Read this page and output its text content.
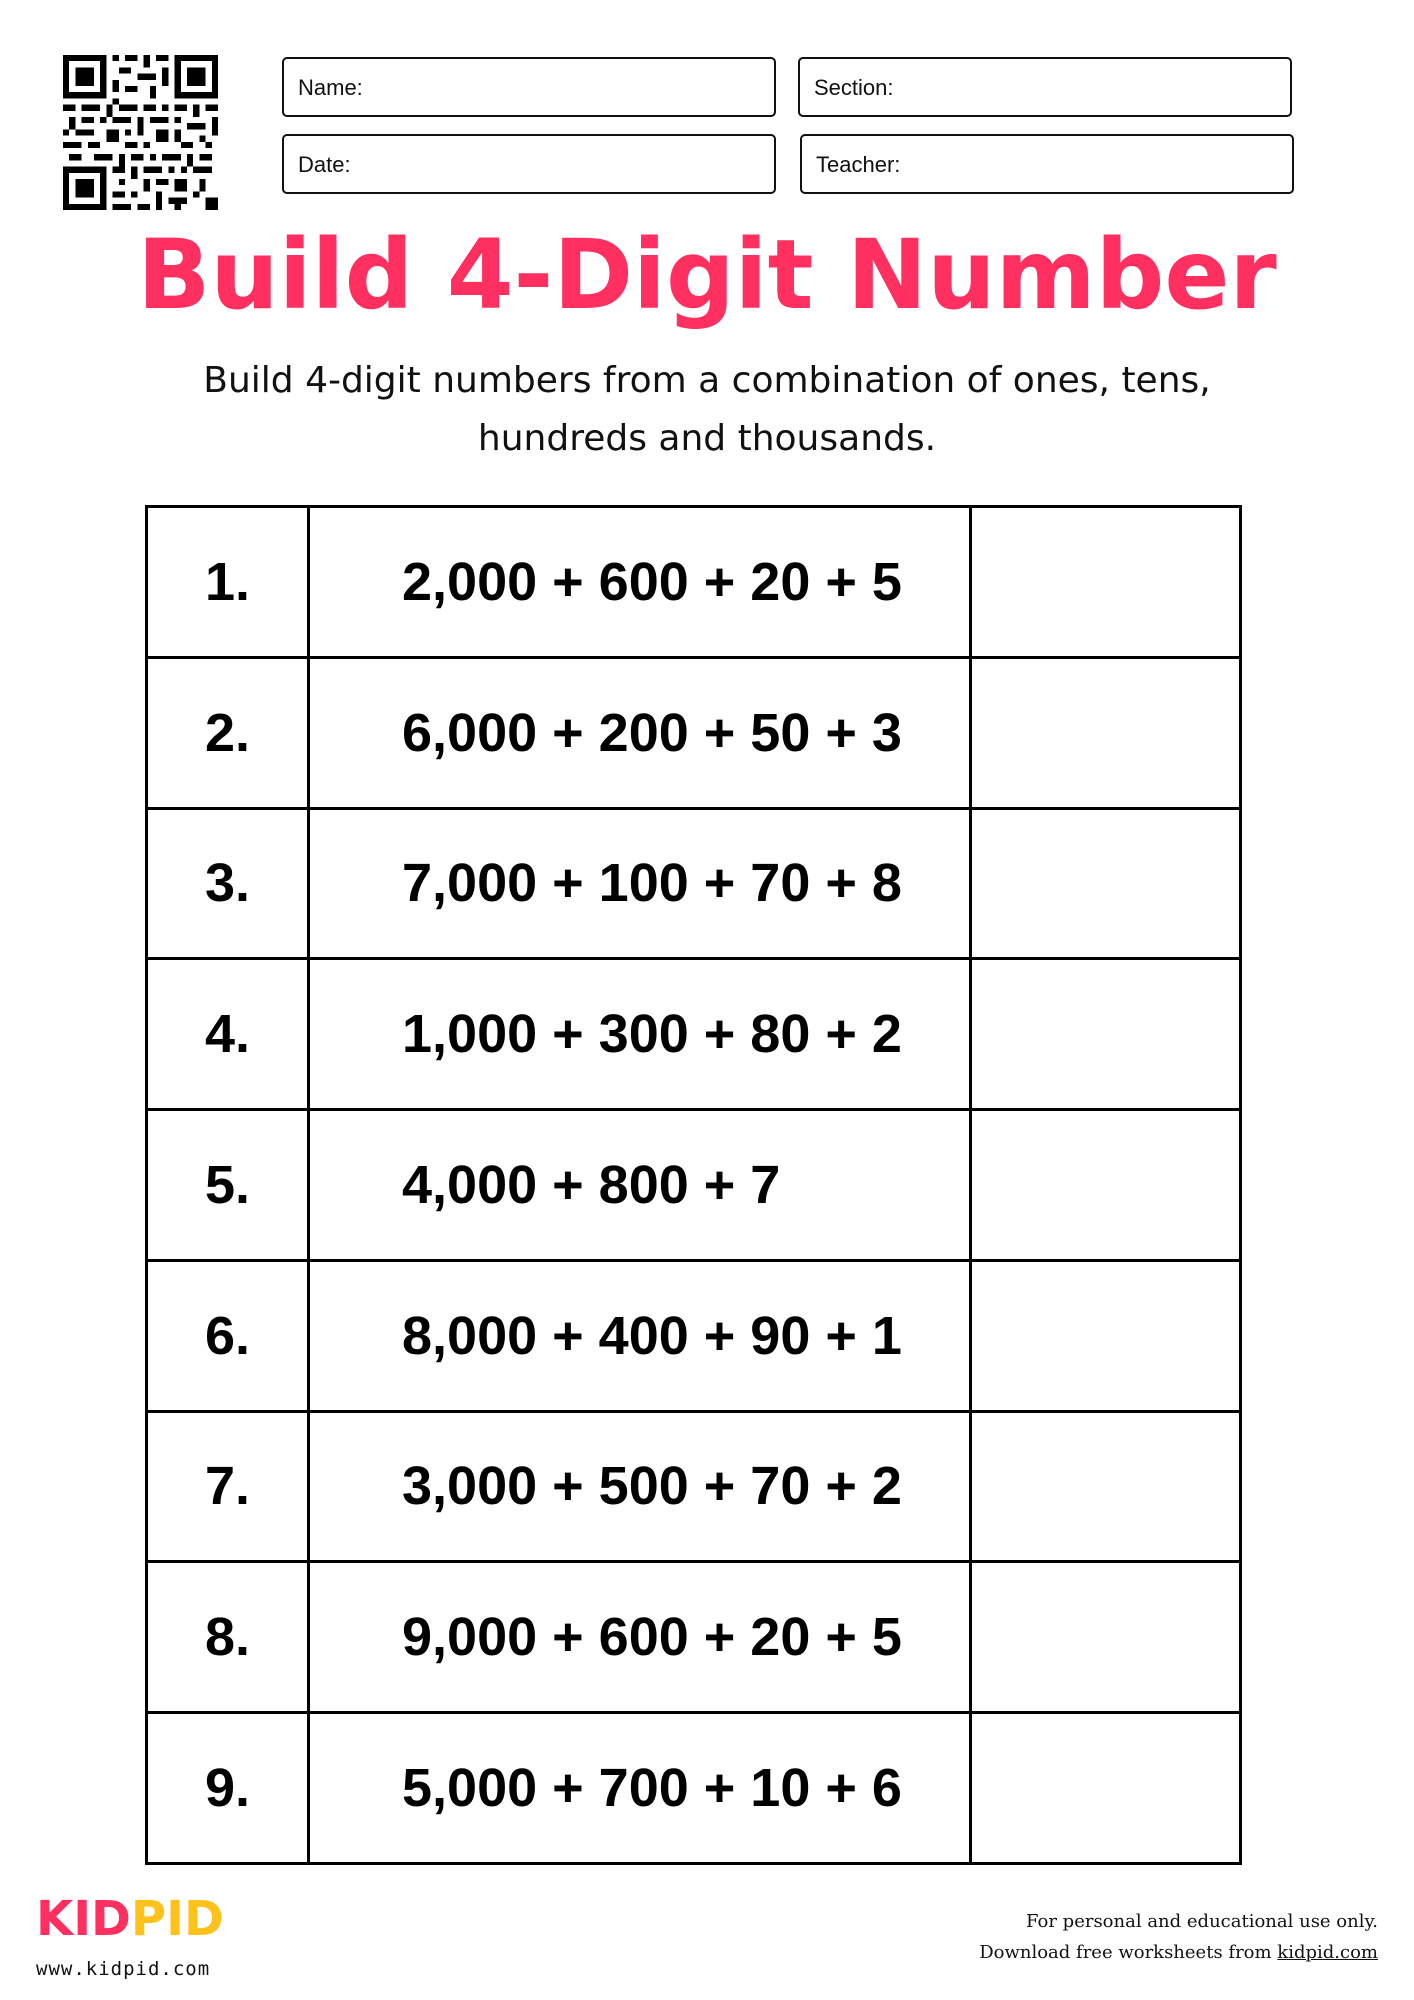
Name:	Section:
Date:	Teacher:
Build 4-Digit Number

Build 4-digit numbers from a combination of ones, tens,
hundreds and thousands.

1.	2,000 + 600 + 20 + 5	
2.	6,000 + 200 + 50 + 3	
3.	7,000 + 100 + 70 + 8	
4.	1,000 + 300 + 80 + 2	
5.	4,000 + 800 + 7	
6.	8,000 + 400 + 90 + 1	
7.	3,000 + 500 + 70 + 2	
8.	9,000 + 600 + 20 + 5	
9.	5,000 + 700 + 10 + 6	
KIDPID
www.kidpid.com
For personal and educational use only.
Download free worksheets from kidpid.com
